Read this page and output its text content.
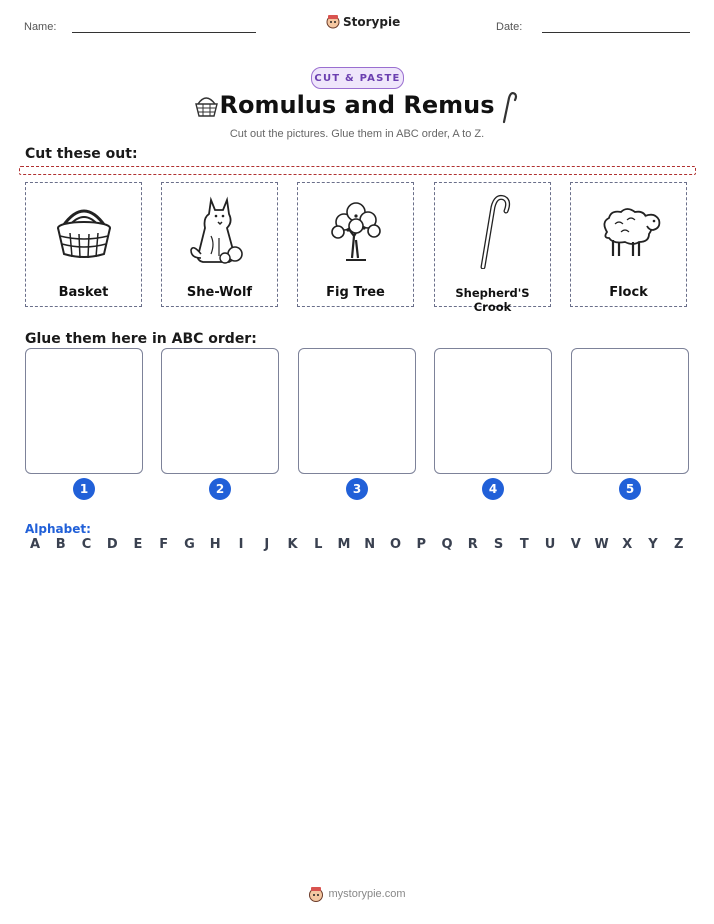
Name:	Storypie	Date:
CUT & PASTE
Romulus and Remus
Cut out the pictures. Glue them in ABC order, A to Z.
Cut these out:
Basket	She-Wolf	Fig Tree	Shepherd'S Crook
Flock
Glue them here in ABC order:
1	2	3	4	5
Alphabet:
A	B	C	D	E	F	G	H	I	J	K	L	M	N	O	P	Q	R	S	T	U	V	W	X	Y	Z
mystorypie.com
